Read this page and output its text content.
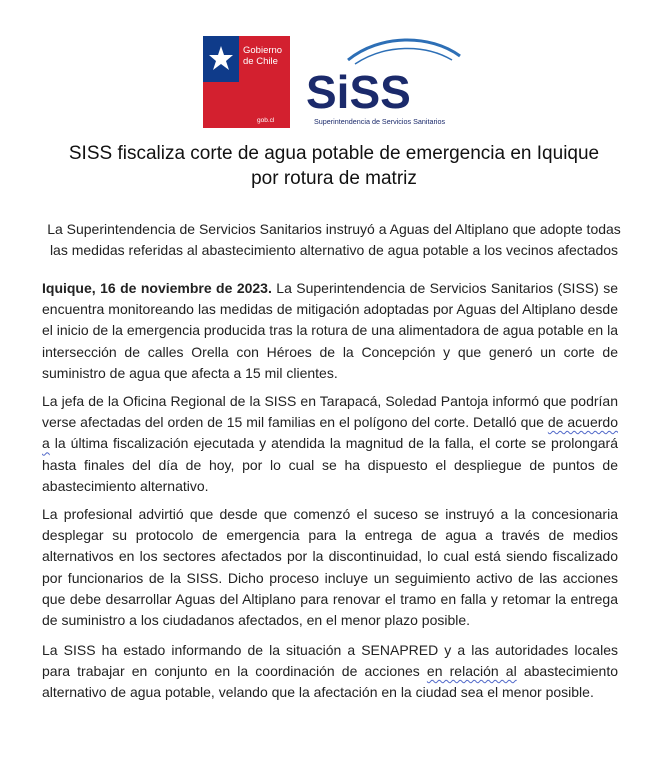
Gobierno
de Chile
gob.cl
SiSS
Superintendencia de Servicios Sanitarios
SISS fiscaliza corte de agua potable de emergencia en Iquique
por rotura de matriz
La Superintendencia de Servicios Sanitarios instruyó a Aguas del Altiplano que adopte todas las medidas referidas al abastecimiento alternativo de agua potable a los vecinos afectados

Iquique, 16 de noviembre de 2023. La Superintendencia de Servicios Sanitarios (SISS) se encuentra monitoreando las medidas de mitigación adoptadas por Aguas del Altiplano desde el inicio de la emergencia producida tras la rotura de una alimentadora de agua potable en la intersección de calles Orella con Héroes de la Concepción y que generó un corte de suministro de agua que afecta a 15 mil clientes.

La jefa de la Oficina Regional de la SISS en Tarapacá, Soledad Pantoja informó que podrían verse afectadas del orden de 15 mil familias en el polígono del corte. Detalló que de acuerdo a la última fiscalización ejecutada y atendida la magnitud de la falla, el corte se prolongará hasta finales del día de hoy, por lo cual se ha dispuesto el despliegue de puntos de abastecimiento alternativo.

La profesional advirtió que desde que comenzó el suceso se instruyó a la concesionaria desplegar su protocolo de emergencia para la entrega de agua a través de medios alternativos en los sectores afectados por la discontinuidad, lo cual está siendo fiscalizado por funcionarios de la SISS. Dicho proceso incluye un seguimiento activo de las acciones que debe desarrollar Aguas del Altiplano para renovar el tramo en falla y retomar la entrega de suministro a los ciudadanos afectados, en el menor plazo posible.

La SISS ha estado informando de la situación a SENAPRED y a las autoridades locales para trabajar en conjunto en la coordinación de acciones en relación al abastecimiento alternativo de agua potable, velando que la afectación en la ciudad sea el menor posible.
